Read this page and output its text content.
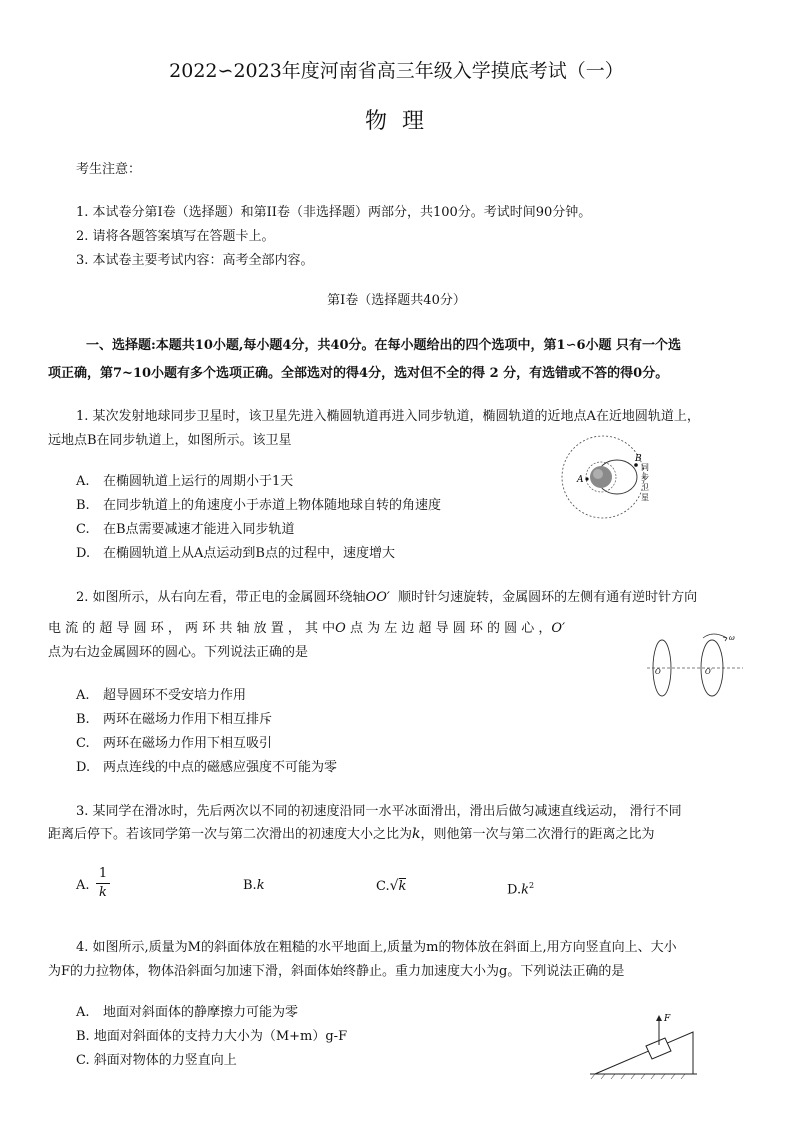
2022∽2023年度河南省高三年级入学摸底考试（一）
物 理
考生注意：
1. 本试卷分第Ⅰ卷（选择题）和第II卷（非选择题）两部分，共100分。考试时间90分钟。
2. 请将各题答案填写在答题卡上。
3. 本试卷主要考试内容：高考全部内容。
第Ⅰ卷（选择题共40分）
一、选择题:本题共10小题,每小题4分，共40分。在每小题给出的四个选项中，第1∽6小题 只有一个选
项正确，第7~10小题有多个选项正确。全部选对的得4分，选对但不全的得 2 分，有选错或不答的得0分。
1. 某次发射地球同步卫星时，该卫星先进入椭圆轨道再进入同步轨道，椭圆轨道的近地点A在近地圆轨道上，
远地点B在同步轨道上，如图所示。该卫星
A. 在椭圆轨道上运行的周期小于1天
B. 在同步轨道上的角速度小于赤道上物体随地球自转的角速度
C. 在B点需要减速才能进入同步轨道
D. 在椭圆轨道上从A点运动到B点的过程中，速度增大
B
A
同
步
卫
星
2. 如图所示，从右向左看，带正电的金属圆环绕轴OO′ 顺时针匀速旋转，金属圆环的左侧有通有逆时针方向
电 流 的 超 导 圆 环 ， 两 环 共 轴 放 置 ， 其 中O 点 为 左 边 超 导 圆 环 的 圆 心 ，O′
点为右边金属圆环的圆心。下列说法正确的是
A. 超导圆环不受安培力作用
B. 两环在磁场力作用下相互排斥
C. 两环在磁场力作用下相互吸引
D. 两点连线的中点的磁感应强度不可能为零
ω
O	O′
3. 某同学在滑冰时，先后两次以不同的初速度沿同一水平冰面滑出，滑出后做匀减速直线运动， 滑行不同
距离后停下。若该同学第一次与第二次滑出的初速度大小之比为k，则他第一次与第二次滑行的距离之比为
A.
1
k	B.k	C.√k	$D.k^2$
4. 如图所示,质量为M的斜面体放在粗糙的水平地面上,质量为m的物体放在斜面上,用方向竖直向上、大小
为F的力拉物体，物体沿斜面匀加速下滑，斜面体始终静止。重力加速度大小为g。下列说法正确的是
A. 地面对斜面体的静摩擦力可能为零
B. 地面对斜面体的支持力大小为（M+m）g-F
C. 斜面对物体的力竖直向上
F
